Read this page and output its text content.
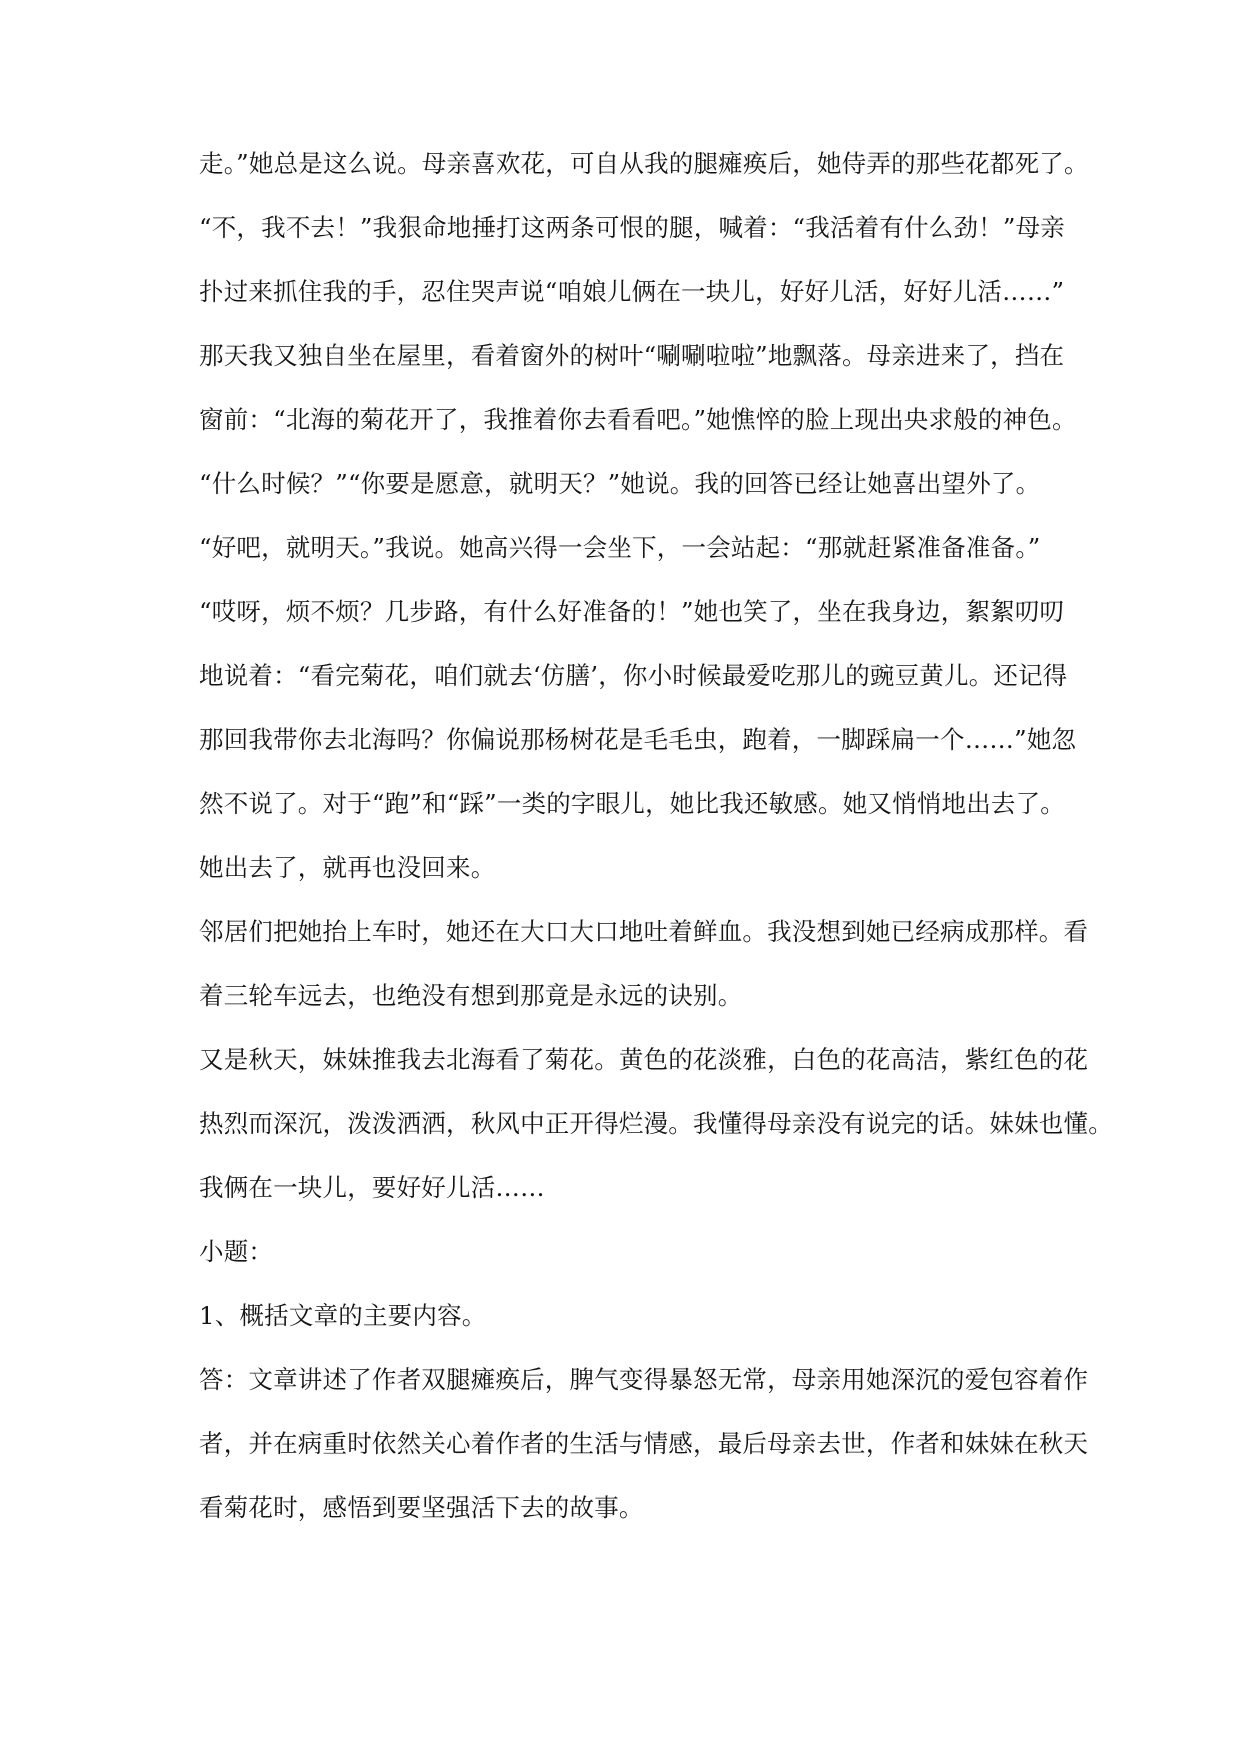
走。”她总是这么说。母亲喜欢花，可自从我的腿瘫痪后，她侍弄的那些花都死了。
“不，我不去！”我狠命地捶打这两条可恨的腿，喊着：“我活着有什么劲！”母亲
扑过来抓住我的手，忍住哭声说“咱娘儿俩在一块儿，好好儿活，好好儿活……”
那天我又独自坐在屋里，看着窗外的树叶“唰唰啦啦”地飘落。母亲进来了，挡在
窗前：“北海的菊花开了，我推着你去看看吧。”她憔悴的脸上现出央求般的神色。
“什么时候？”“你要是愿意，就明天？”她说。我的回答已经让她喜出望外了。
“好吧，就明天。”我说。她高兴得一会坐下，一会站起：“那就赶紧准备准备。”
“哎呀，烦不烦？几步路，有什么好准备的！”她也笑了，坐在我身边，絮絮叨叨
地说着：“看完菊花，咱们就去‘仿膳’，你小时候最爱吃那儿的豌豆黄儿。还记得
那回我带你去北海吗？你偏说那杨树花是毛毛虫，跑着，一脚踩扁一个……”她忽
然不说了。对于“跑”和“踩”一类的字眼儿，她比我还敏感。她又悄悄地出去了。
她出去了，就再也没回来。
邻居们把她抬上车时，她还在大口大口地吐着鲜血。我没想到她已经病成那样。看
着三轮车远去，也绝没有想到那竟是永远的诀别。
又是秋天，妹妹推我去北海看了菊花。黄色的花淡雅，白色的花高洁，紫红色的花
热烈而深沉，泼泼洒洒，秋风中正开得烂漫。我懂得母亲没有说完的话。妹妹也懂。
我俩在一块儿，要好好儿活……
小题：
1、概括文章的主要内容。
答：文章讲述了作者双腿瘫痪后，脾气变得暴怒无常，母亲用她深沉的爱包容着作
者，并在病重时依然关心着作者的生活与情感，最后母亲去世，作者和妹妹在秋天
看菊花时，感悟到要坚强活下去的故事。
